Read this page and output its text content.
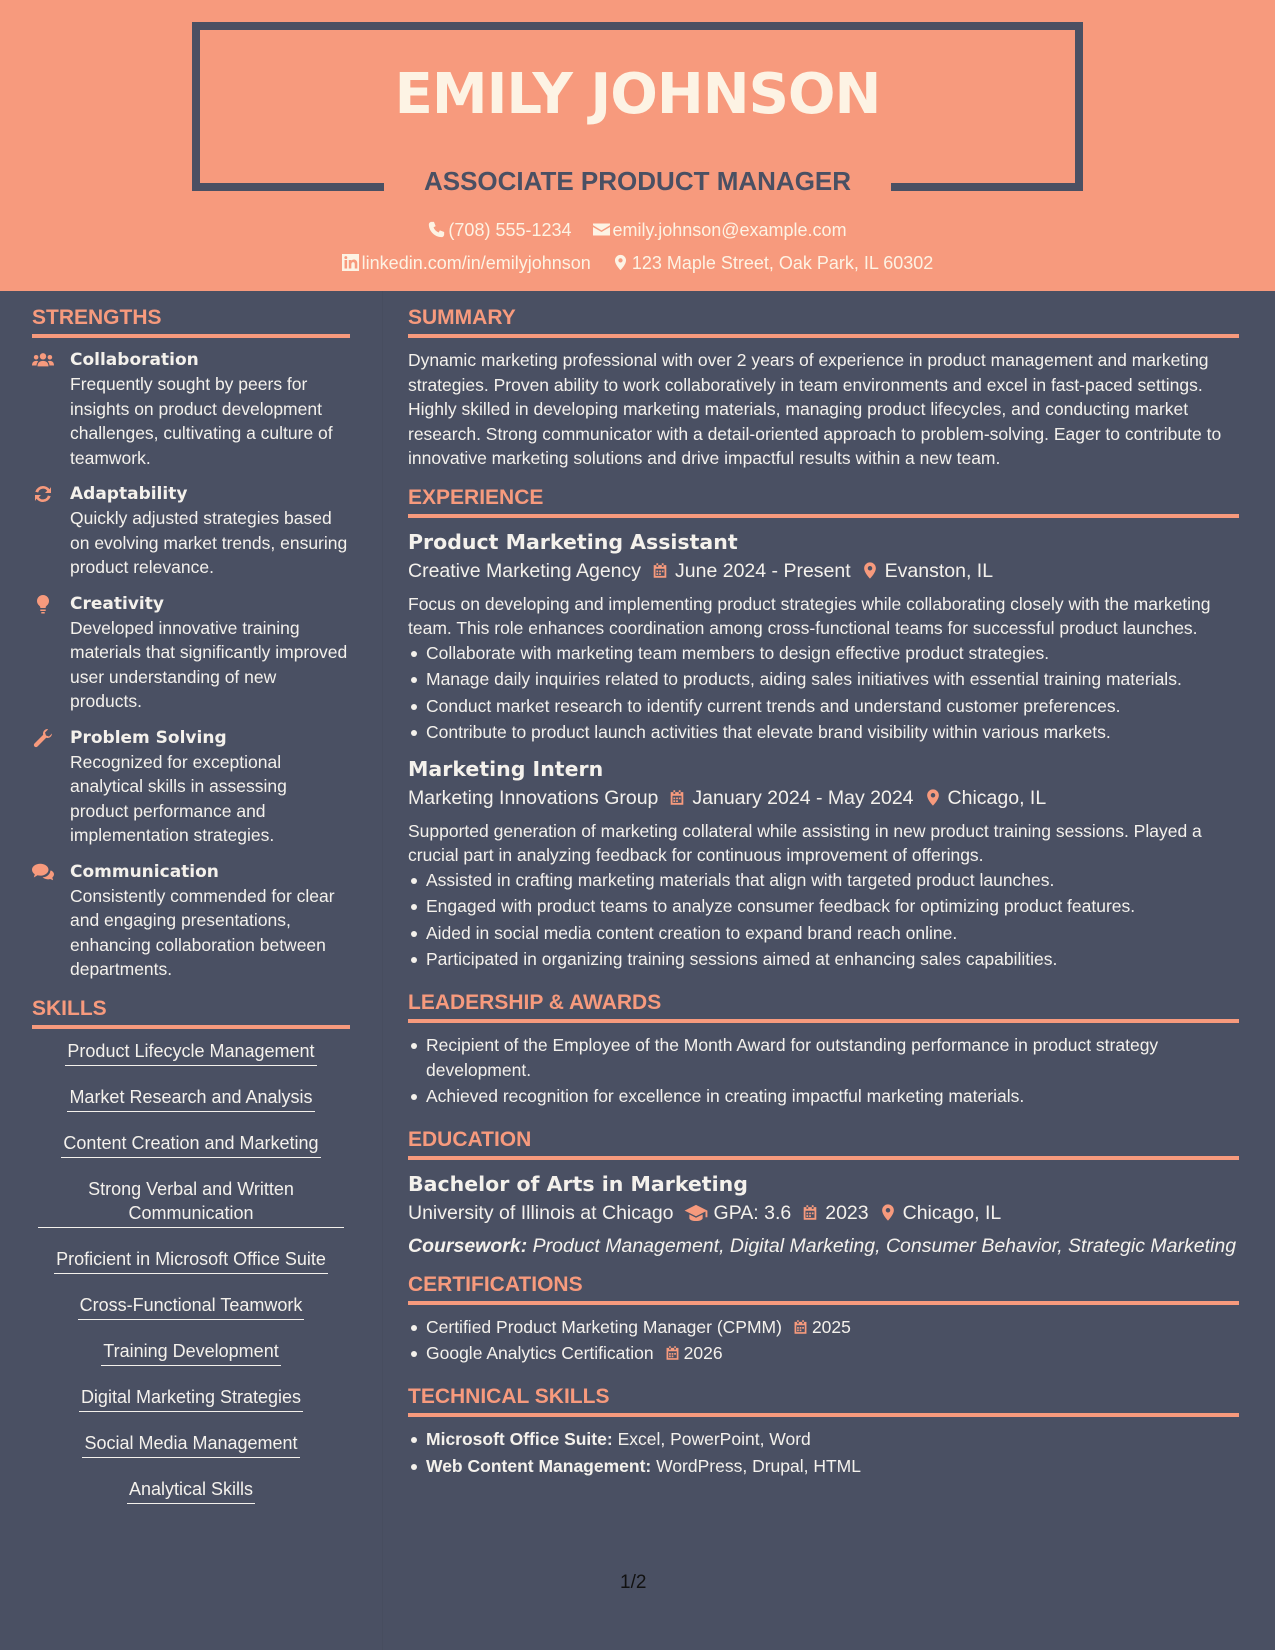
EMILY JOHNSON
ASSOCIATE PRODUCT MANAGER
(708) 555-1234 emily.johnson@example.com
linkedin.com/in/emilyjohnson 123 Maple Street, Oak Park, IL 60302
STRENGTHS
Collaboration
Frequently sought by peers for insights on product development challenges, cultivating a culture of teamwork.
Adaptability
Quickly adjusted strategies based on evolving market trends, ensuring product relevance.
Creativity
Developed innovative training materials that significantly improved user understanding of new products.
Problem Solving
Recognized for exceptional analytical skills in assessing product performance and implementation strategies.
Communication
Consistently commended for clear and engaging presentations, enhancing collaboration between departments.
SKILLS
Product Lifecycle Management
Market Research and Analysis
Content Creation and Marketing
Strong Verbal and Written Communication
Proficient in Microsoft Office Suite
Cross-Functional Teamwork
Training Development
Digital Marketing Strategies
Social Media Management
Analytical Skills
SUMMARY
Dynamic marketing professional with over 2 years of experience in product management and marketing strategies. Proven ability to work collaboratively in team environments and excel in fast-paced settings. Highly skilled in developing marketing materials, managing product lifecycles, and conducting market research. Strong communicator with a detail-oriented approach to problem-solving. Eager to contribute to innovative marketing solutions and drive impactful results within a new team.
EXPERIENCE
Product Marketing Assistant
Creative Marketing Agency June 2024 - Present Evanston, IL
Focus on developing and implementing product strategies while collaborating closely with the marketing team. This role enhances coordination among cross-functional teams for successful product launches.
Collaborate with marketing team members to design effective product strategies.
Manage daily inquiries related to products, aiding sales initiatives with essential training materials.
Conduct market research to identify current trends and understand customer preferences.
Contribute to product launch activities that elevate brand visibility within various markets.
Marketing Intern
Marketing Innovations Group January 2024 - May 2024 Chicago, IL
Supported generation of marketing collateral while assisting in new product training sessions. Played a crucial part in analyzing feedback for continuous improvement of offerings.
Assisted in crafting marketing materials that align with targeted product launches.
Engaged with product teams to analyze consumer feedback for optimizing product features.
Aided in social media content creation to expand brand reach online.
Participated in organizing training sessions aimed at enhancing sales capabilities.
LEADERSHIP & AWARDS
Recipient of the Employee of the Month Award for outstanding performance in product strategy development.
Achieved recognition for excellence in creating impactful marketing materials.
EDUCATION
Bachelor of Arts in Marketing
University of Illinois at Chicago GPA: 3.6 2023 Chicago, IL
Coursework: Product Management, Digital Marketing, Consumer Behavior, Strategic Marketing
CERTIFICATIONS
Certified Product Marketing Manager (CPMM) 2025
Google Analytics Certification 2026
TECHNICAL SKILLS
Microsoft Office Suite: Excel, PowerPoint, Word
Web Content Management: WordPress, Drupal, HTML
1/2
